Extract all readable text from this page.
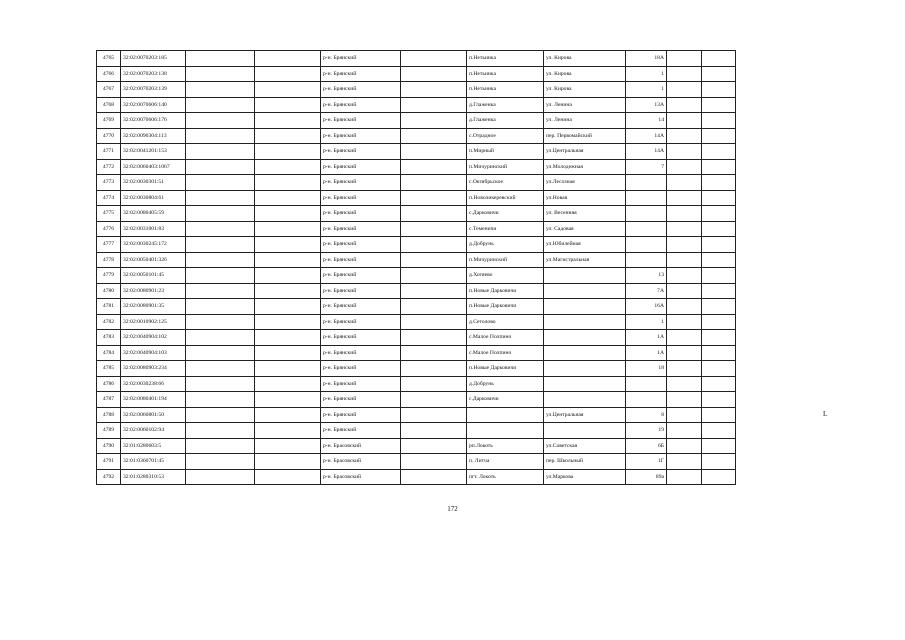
4765	32:02:0070203:185			р-н. Брянский		п.Нетьинка	ул. Кирова	18А		
4766	32:02:0070203:138			р-н. Брянский		п.Нетьинка	ул. Кирова	1		
4767	32:02:0070203:139			р-н. Брянский		п.Нетьинка	ул. Кирова	1		
4768	32:02:0070606:140			р-н. Брянский		д.Глаженка	ул. Ленина	13А		
4769	32:02:0070606:176			р-н. Брянский		д.Глаженка	ул. Ленина	14		
4770	32:02:0090304:113			р-н. Брянский		с.Отрадное	пер. Первомайский	14А		
4771	32:02:0041201:153			р-н. Брянский		п.Мирный	ул.Центральная	14А		
4772	32:02:0060403:1067			р-н. Брянский		п.Мичуринский	ул.Молодежная	7		
4773	32:02:0030301:51			р-н. Брянский		с.Октябрьское	ул.Лесозная			
4774	32:02:0030804:61			р-н. Брянский		п.Новоликеревский	ул.Новая			
4775	32:02:0080405:59			р-н. Брянский		с.Дарковичи	ул. Весенняя			
4776	32:02:0031001:83			р-н. Брянский		с.Теменичи	ул. Садовая			
4777	32:02:0030245:172			р-н. Брянский		д.Добрунь	ул.Юбилейная			
4778	32:02:0050401:326			р-н. Брянский		п.Мичуринский	ул.Магистральная			
4779	32:02:0050101:45			р-н. Брянский		д.Хотяево		13		
4780	32:02:0080901:23			р-н. Брянский		п.Новые Дарковичи		7А		
4781	32:02:0080901:35			р-н. Брянский		п.Новые Дарковичи		16А		
4782	32:02:0010902:125			р-н. Брянский		д.Сетолово		1		
4783	32:02:0040904:102			р-н. Брянский		с.Малое Полпино		1А		
4784	32:02:0040904:103			р-н. Брянский		с.Малое Полпино		1А		
4785	32:02:0080903:234			р-н. Брянский		п.Новые Дарковичи		18		
4786	32:02:0030238:66			р-н. Брянский		д.Добрунь				
4787	32:02:0080401:194			р-н. Брянский		с.Дарковичи				
4788	32:02:0060801:50			р-н. Брянский			ул.Центральная	8		
4789	32:02:0060102:94			р-н. Брянский				19		
4790	32:01:0280603:5			р-н. Брасовский		рп.Локоть	ул.Советская	6Б		
4791	32:01:0360701:45			р-н. Брасовский		п. Литча	пер. Школьный	1Г		
4792	32:01:0280310:53			р-н. Брасовский		пгт. Локоть	ул.Маркова	89а		
172
L
